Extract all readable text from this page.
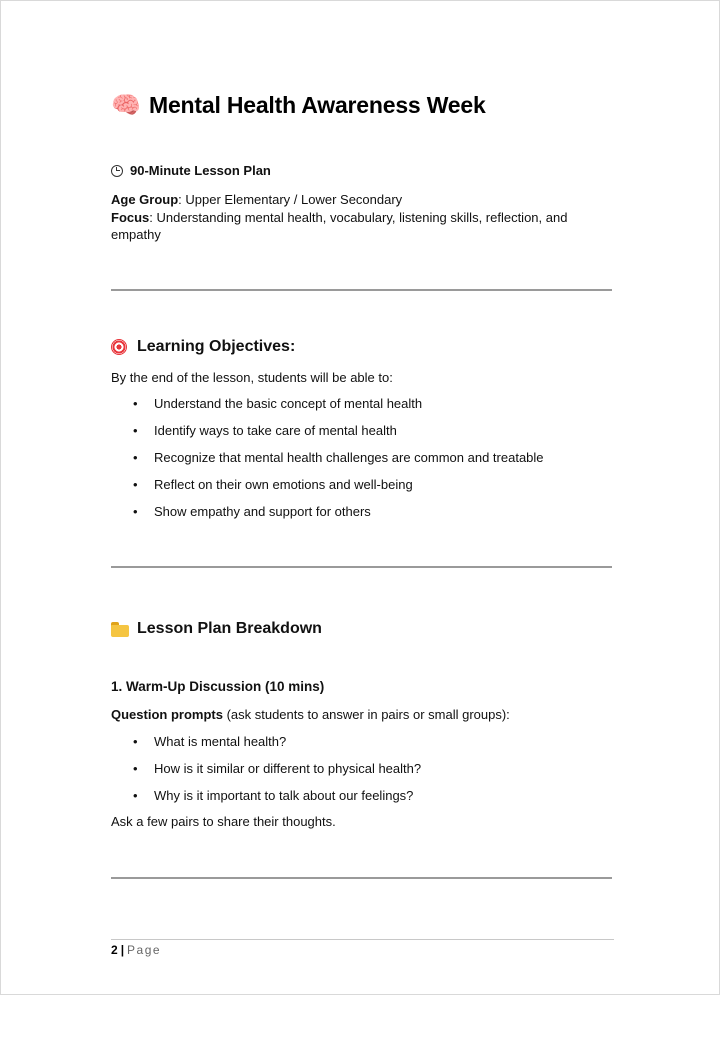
🧠 Mental Health Awareness Week
90-Minute Lesson Plan
Age Group: Upper Elementary / Lower Secondary
Focus: Understanding mental health, vocabulary, listening skills, reflection, and empathy
Learning Objectives:
By the end of the lesson, students will be able to:
• Understand the basic concept of mental health
• Identify ways to take care of mental health
• Recognize that mental health challenges are common and treatable
• Reflect on their own emotions and well-being
• Show empathy and support for others
Lesson Plan Breakdown
1. Warm-Up Discussion (10 mins)
Question prompts (ask students to answer in pairs or small groups):
• What is mental health?
• How is it similar or different to physical health?
• Why is it important to talk about our feelings?
Ask a few pairs to share their thoughts.
2 | Page
